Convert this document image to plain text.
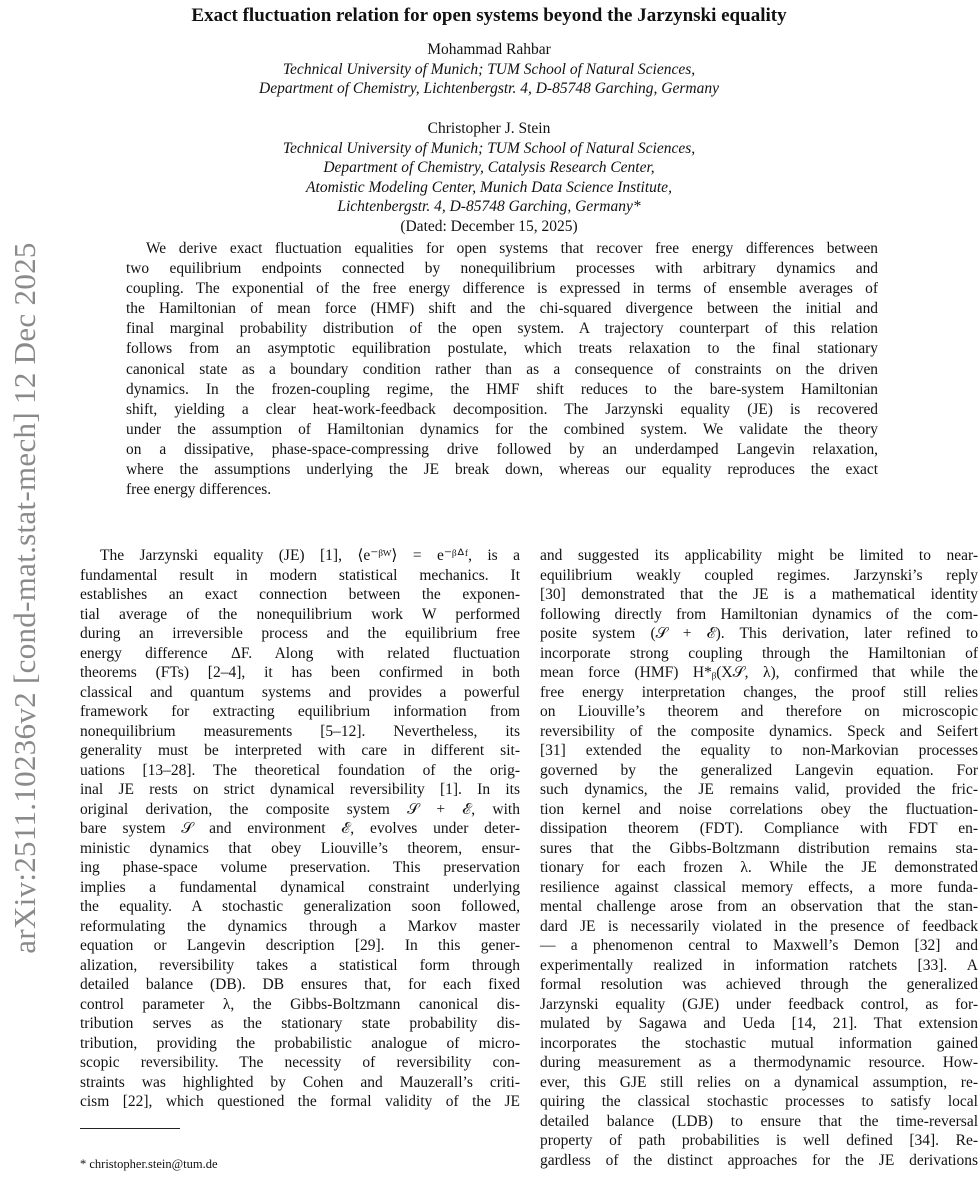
arXiv:2511.10236v2 [cond-mat.stat-mech] 12 Dec 2025
Exact fluctuation relation for open systems beyond the Jarzynski equality
Mohammad Rahbar
Technical University of Munich; TUM School of Natural Sciences,
Department of Chemistry, Lichtenbergstr. 4, D-85748 Garching, Germany
Christopher J. Stein
Technical University of Munich; TUM School of Natural Sciences,
Department of Chemistry, Catalysis Research Center,
Atomistic Modeling Center, Munich Data Science Institute,
Lichtenbergstr. 4, D-85748 Garching, Germany*
(Dated: December 15, 2025)
We derive exact fluctuation equalities for open systems that recover free energy differences between
two equilibrium endpoints connected by nonequilibrium processes with arbitrary dynamics and
coupling. The exponential of the free energy difference is expressed in terms of ensemble averages of
the Hamiltonian of mean force (HMF) shift and the chi-squared divergence between the initial and
final marginal probability distribution of the open system. A trajectory counterpart of this relation
follows from an asymptotic equilibration postulate, which treats relaxation to the final stationary
canonical state as a boundary condition rather than as a consequence of constraints on the driven
dynamics. In the frozen-coupling regime, the HMF shift reduces to the bare-system Hamiltonian
shift, yielding a clear heat-work-feedback decomposition. The Jarzynski equality (JE) is recovered
under the assumption of Hamiltonian dynamics for the combined system. We validate the theory
on a dissipative, phase-space-compressing drive followed by an underdamped Langevin relaxation,
where the assumptions underlying the JE break down, whereas our equality reproduces the exact
free energy differences.
The Jarzynski equality (JE) [1], ⟨e⁻ᵝᵂ⟩ = e⁻ᵝᐞᶠ, is a
fundamental result in modern statistical mechanics. It
establishes an exact connection between the exponen-
tial average of the nonequilibrium work W performed
during an irreversible process and the equilibrium free
energy difference ΔF. Along with related fluctuation
theorems (FTs) [2–4], it has been confirmed in both
classical and quantum systems and provides a powerful
framework for extracting equilibrium information from
nonequilibrium measurements [5–12]. Nevertheless, its
generality must be interpreted with care in different sit-
uations [13–28]. The theoretical foundation of the orig-
inal JE rests on strict dynamical reversibility [1]. In its
original derivation, the composite system 𝒮 + ℰ, with
bare system 𝒮 and environment ℰ, evolves under deter-
ministic dynamics that obey Liouville’s theorem, ensur-
ing phase-space volume preservation. This preservation
implies a fundamental dynamical constraint underlying
the equality. A stochastic generalization soon followed,
reformulating the dynamics through a Markov master
equation or Langevin description [29]. In this gener-
alization, reversibility takes a statistical form through
detailed balance (DB). DB ensures that, for each fixed
control parameter λ, the Gibbs-Boltzmann canonical dis-
tribution serves as the stationary state probability dis-
tribution, providing the probabilistic analogue of micro-
scopic reversibility. The necessity of reversibility con-
straints was highlighted by Cohen and Mauzerall’s criti-
cism [22], which questioned the formal validity of the JE
and suggested its applicability might be limited to near-
equilibrium weakly coupled regimes. Jarzynski’s reply
[30] demonstrated that the JE is a mathematical identity
following directly from Hamiltonian dynamics of the com-
posite system (𝒮 + ℰ). This derivation, later refined to
incorporate strong coupling through the Hamiltonian of
mean force (HMF) H*ᵦ(X𝒮, λ), confirmed that while the
free energy interpretation changes, the proof still relies
on Liouville’s theorem and therefore on microscopic
reversibility of the composite dynamics. Speck and Seifert
[31] extended the equality to non-Markovian processes
governed by the generalized Langevin equation. For
such dynamics, the JE remains valid, provided the fric-
tion kernel and noise correlations obey the fluctuation-
dissipation theorem (FDT). Compliance with FDT en-
sures that the Gibbs-Boltzmann distribution remains sta-
tionary for each frozen λ. While the JE demonstrated
resilience against classical memory effects, a more funda-
mental challenge arose from an observation that the stan-
dard JE is necessarily violated in the presence of feedback
— a phenomenon central to Maxwell’s Demon [32] and
experimentally realized in information ratchets [33]. A
formal resolution was achieved through the generalized
Jarzynski equality (GJE) under feedback control, as for-
mulated by Sagawa and Ueda [14, 21]. That extension
incorporates the stochastic mutual information gained
during measurement as a thermodynamic resource. How-
ever, this GJE still relies on a dynamical assumption, re-
quiring the classical stochastic processes to satisfy local
detailed balance (LDB) to ensure that the time-reversal
property of path probabilities is well defined [34]. Re-
gardless of the distinct approaches for the JE derivations
* christopher.stein@tum.de
